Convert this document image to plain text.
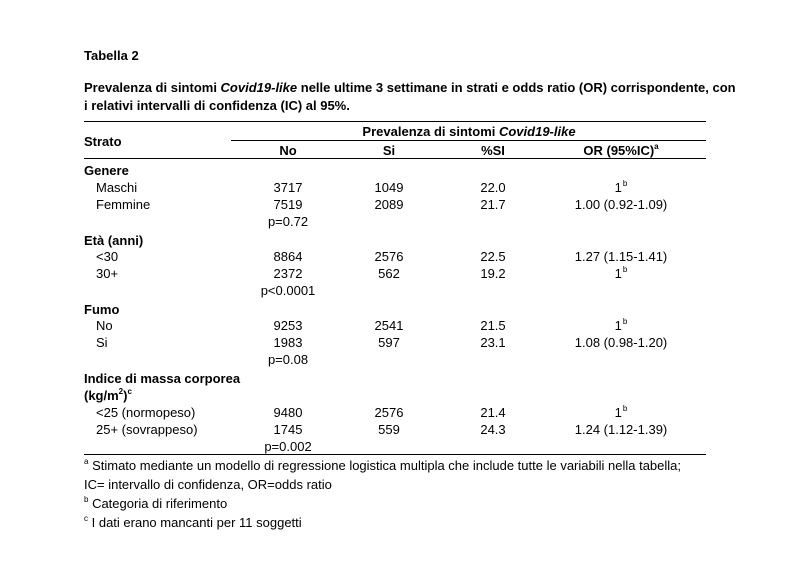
Tabella 2
Prevalenza di sintomi Covid19-like nelle ultime 3 settimane in strati e odds ratio (OR) corrispondente, con
i relativi intervalli di confidenza (IC) al 95%.
Strato
Prevalenza di sintomi Covid19-like
No	Si	%SI	OR $(95\%IC)^a$
Genere
Maschi	3717	1049	22.0	1$^b$
Femmine	7519	2089	21.7	1.00 (0.92-1.09)
p=0.72
Età (anni)
<30	8864	2576	22.5	1.27 (1.15-1.41)
30+	2372	562	19.2	1$^b$
p<0.0001
Fumo
No	9253	2541	21.5	1$^b$
Si	1983	597	23.1	1.08 (0.98-1.20)
p=0.08
Indice di massa corporea
$(kg/m^2)^c$
<25 (normopeso)	9480	2576	21.4	1$^b$
25+ (sovrappeso)	1745	559	24.3	1.24 (1.12-1.39)
p=0.002
$^a$ Stimato mediante un modello di regressione logistica multipla che include tutte le variabili nella tabella;
IC= intervallo di confidenza, OR=odds ratio
$^b$ Categoria di riferimento
$^c$ I dati erano mancanti per 11 soggetti
